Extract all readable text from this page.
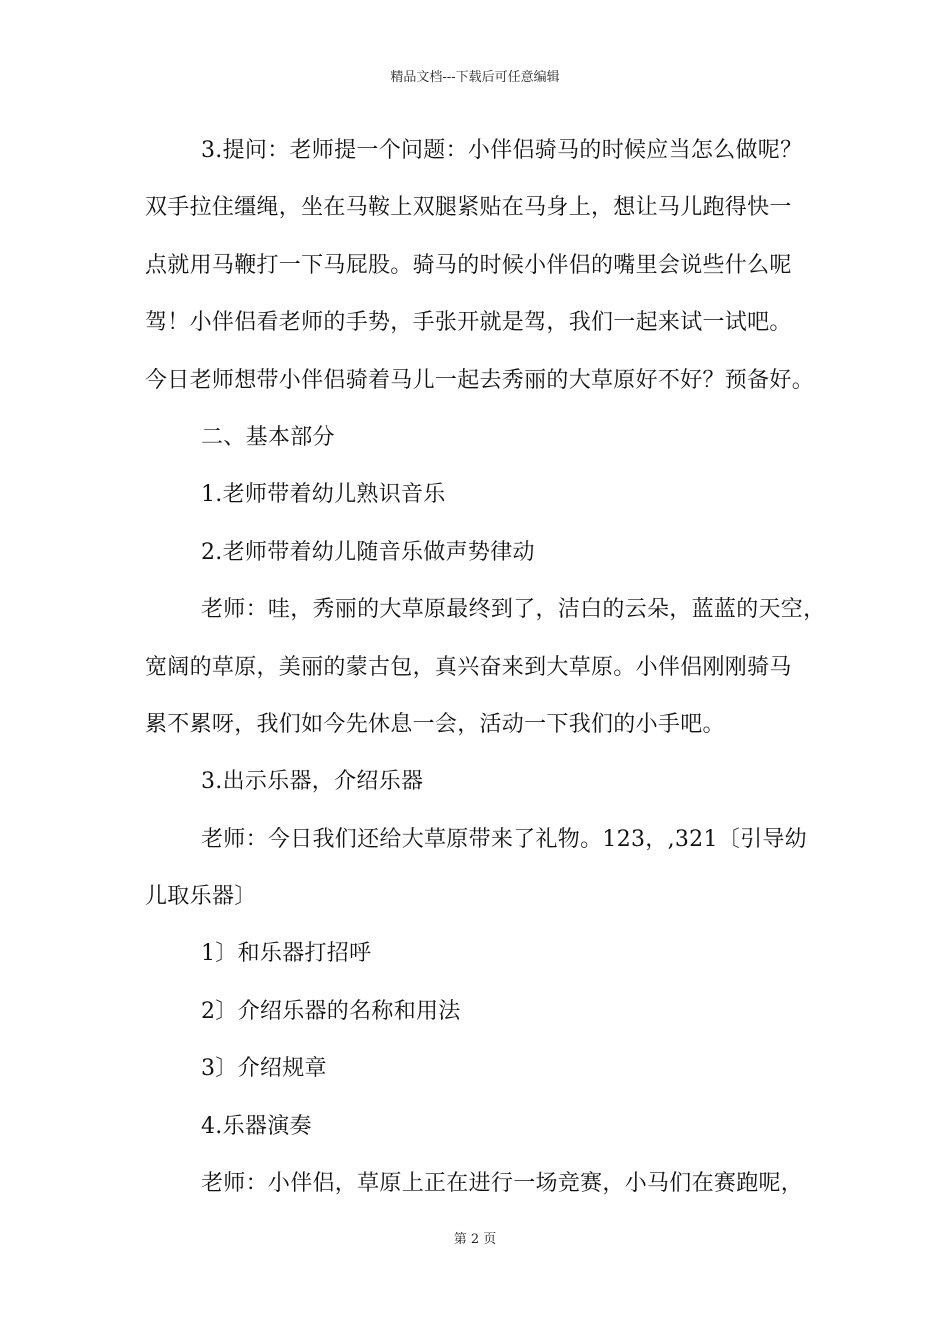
精品文档---下载后可任意编辑
3.提问：老师提一个问题：小伴侣骑马的时候应当怎么做呢？
双手拉住缰绳，坐在马鞍上双腿紧贴在马身上，想让马儿跑得快一
点就用马鞭打一下马屁股。骑马的时候小伴侣的嘴里会说些什么呢
驾！小伴侣看老师的手势，手张开就是驾，我们一起来试一试吧。
今日老师想带小伴侣骑着马儿一起去秀丽的大草原好不好？预备好。
二、基本部分
1.老师带着幼儿熟识音乐
2.老师带着幼儿随音乐做声势律动
老师：哇，秀丽的大草原最终到了，洁白的云朵，蓝蓝的天空，
宽阔的草原，美丽的蒙古包，真兴奋来到大草原。小伴侣刚刚骑马
累不累呀，我们如今先休息一会，活动一下我们的小手吧。
3.出示乐器，介绍乐器
老师：今日我们还给大草原带来了礼物。123，,321〔引导幼
儿取乐器〕
1〕和乐器打招呼
2〕介绍乐器的名称和用法
3〕介绍规章
4.乐器演奏
老师：小伴侣，草原上正在进行一场竞赛，小马们在赛跑呢，
第 2 页
